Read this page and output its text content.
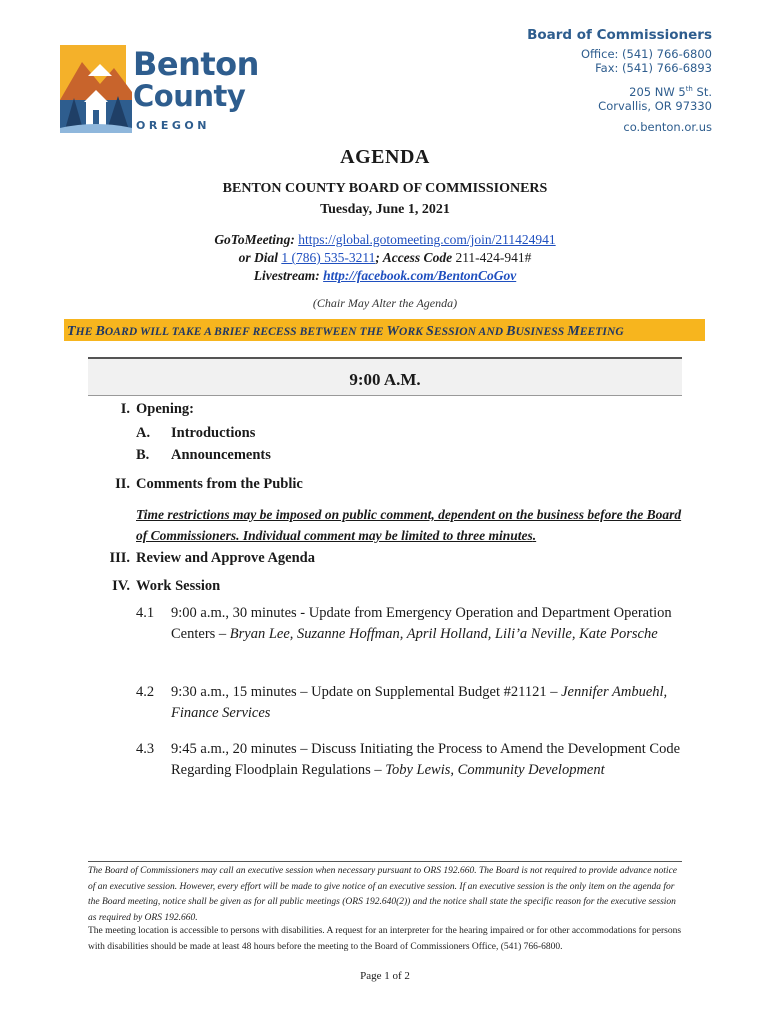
Benton
County
OREGON
Board of Commissioners
Office: (541) 766-6800
Fax: (541) 766-6893
205 NW 5th St.
Corvallis, OR 97330
co.benton.or.us
AGENDA
BENTON COUNTY BOARD OF COMMISSIONERS
Tuesday, June 1, 2021
GoToMeeting: https://global.gotomeeting.com/join/211424941
or Dial 1 (786) 535-3211; Access Code 211-424-941#
Livestream: http://facebook.com/BentonCoGov
(Chair May Alter the Agenda)
THE BOARD WILL TAKE A BRIEF RECESS BETWEEN THE WORK SESSION AND BUSINESS MEETING
9:00 A.M.
I. Opening:
A. Introductions
B. Announcements
II. Comments from the Public
Time restrictions may be imposed on public comment, dependent on the business before the Board of Commissioners. Individual comment may be limited to three minutes.
III. Review and Approve Agenda
IV. Work Session
4.1 9:00 a.m., 30 minutes - Update from Emergency Operation and Department Operation Centers – Bryan Lee, Suzanne Hoffman, April Holland, Lili’a Neville, Kate Porsche
4.2 9:30 a.m., 15 minutes – Update on Supplemental Budget #21121 – Jennifer Ambuehl, Finance Services
4.3 9:45 a.m., 20 minutes – Discuss Initiating the Process to Amend the Development Code Regarding Floodplain Regulations – Toby Lewis, Community Development
The Board of Commissioners may call an executive session when necessary pursuant to ORS 192.660. The Board is not required to provide advance notice of an executive session. However, every effort will be made to give notice of an executive session. If an executive session is the only item on the agenda for the Board meeting, notice shall be given as for all public meetings (ORS 192.640(2)) and the notice shall state the specific reason for the executive session as required by ORS 192.660.
The meeting location is accessible to persons with disabilities. A request for an interpreter for the hearing impaired or for other accommodations for persons with disabilities should be made at least 48 hours before the meeting to the Board of Commissioners Office, (541) 766-6800.
Page 1 of 2
